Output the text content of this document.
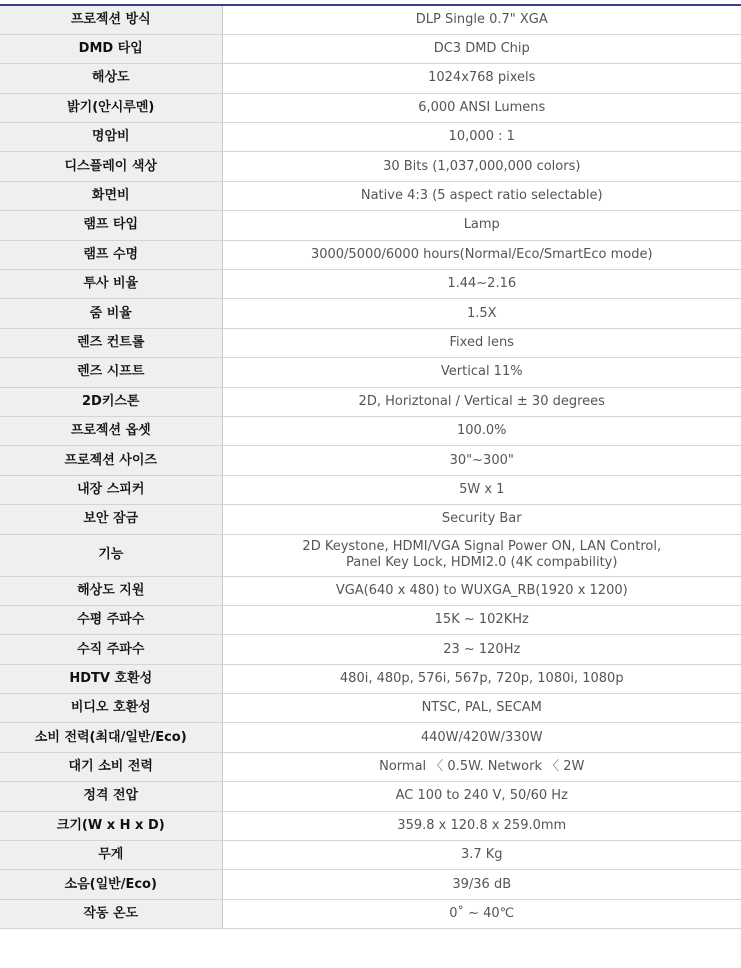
프로젝션 방식	DLP Single 0.7" XGA
DMD 타입	DC3 DMD Chip
해상도	1024x768 pixels
밝기(안시루멘)	6,000 ANSI Lumens
명암비	10,000 : 1
디스플레이 색상	30 Bits (1,037,000,000 colors)
화면비	Native 4:3 (5 aspect ratio selectable)
램프 타입	Lamp
램프 수명	3000/5000/6000 hours(Normal/Eco/SmartEco mode)
투사 비율	1.44~2.16
줌 비율	1.5X
렌즈 컨트롤	Fixed lens
렌즈 시프트	Vertical 11%
2D키스톤	2D, Horiztonal / Vertical ± 30 degrees
프로젝션 옵셋	100.0%
프로젝션 사이즈	30"~300"
내장 스피커	5W x 1
보안 잠금	Security Bar
기능	2D Keystone, HDMI/VGA Signal Power ON, LAN Control,
Panel Key Lock, HDMI2.0 (4K compability)

해상도 지원	VGA(640 x 480) to WUXGA_RB(1920 x 1200)
수평 주파수	15K ~ 102KHz
수직 주파수	23 ~ 120Hz
HDTV 호환성	480i, 480p, 576i, 567p, 720p, 1080i, 1080p
비디오 호환성	NTSC, PAL, SECAM
소비 전력(최대/일반/Eco)	440W/420W/330W
대기 소비 전력	Normal 〈 0.5W. Network 〈 2W
정격 전압	AC 100 to 240 V, 50/60 Hz
크기(W x H x D)	359.8 x 120.8 x 259.0mm
무게	3.7 Kg
소음(일반/Eco)	39/36 dB
작동 온도	0˚ ~ 40℃
